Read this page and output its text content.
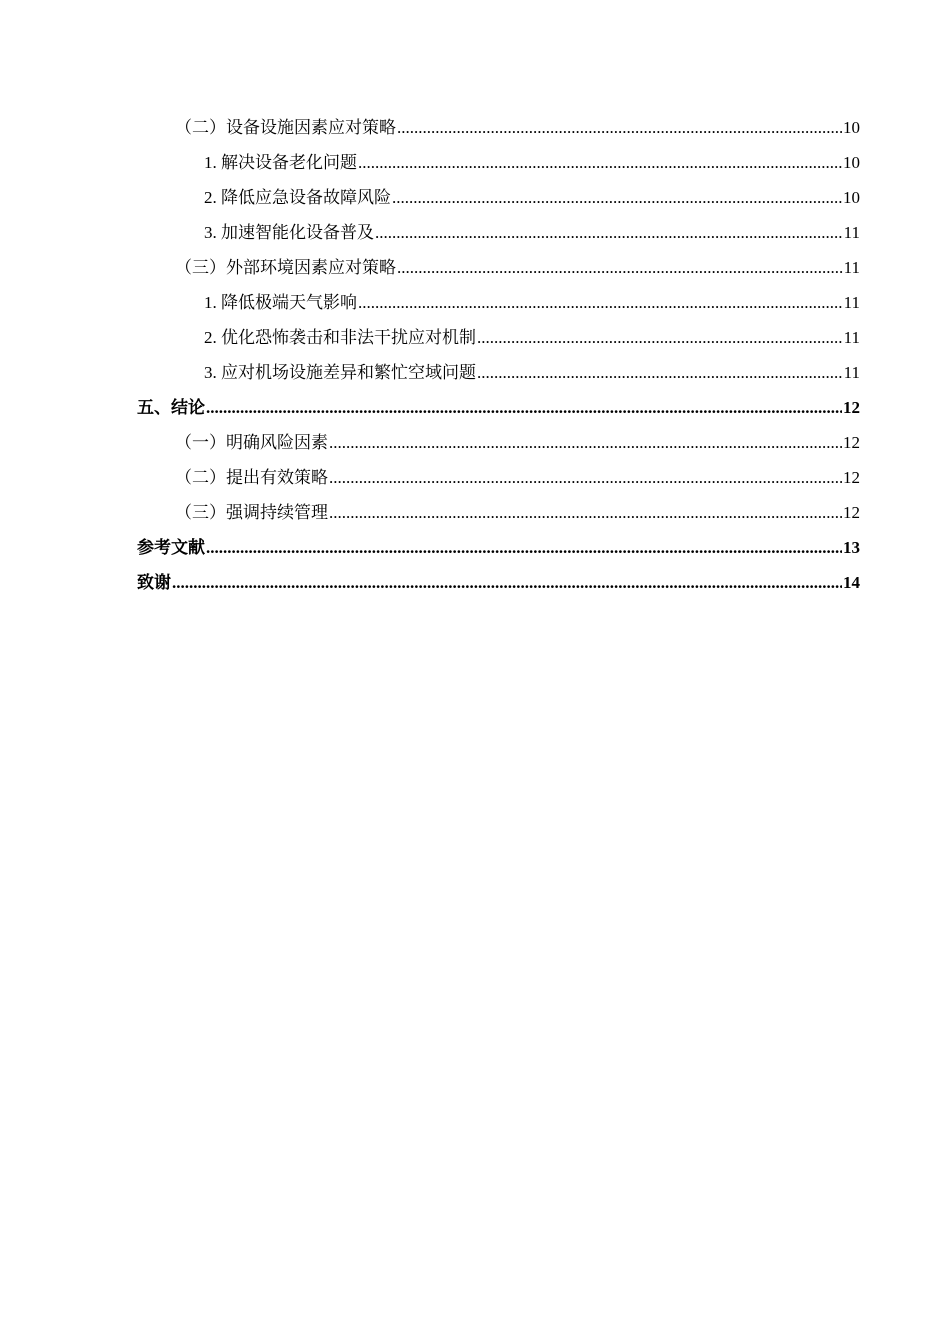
（二）设备设施因素应对策略 .....	10
1. 解决设备老化问题 .....	10
2. 降低应急设备故障风险 .....	10
3. 加速智能化设备普及 .....	11
（三）外部环境因素应对策略 .....	11
1. 降低极端天气影响 .....	11
2. 优化恐怖袭击和非法干扰应对机制 .....	11
3. 应对机场设施差异和繁忙空域问题 .....	11
五、结论 .....	12
（一）明确风险因素 .....	12
（二）提出有效策略 .....	12
（三）强调持续管理 .....	12
参考文献 .....	13
致谢 .....	14
